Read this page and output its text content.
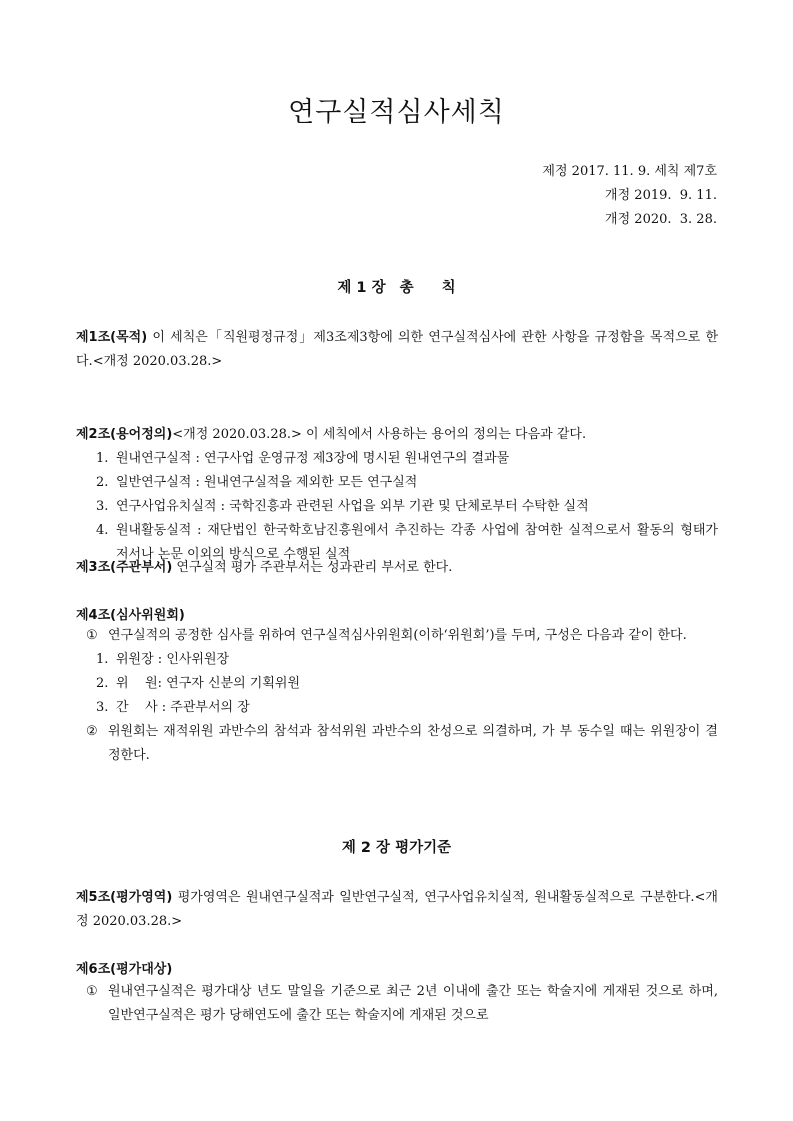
연구실적심사세칙
제정 2017. 11. 9. 세칙 제7호
개정 2019.  9. 11.
개정 2020.  3. 28.
제 1 장 총 칙
제1조(목적) 이 세칙은「직원평정규정」제3조제3항에 의한 연구실적심사에 관한 사항을 규정함을 목적으로 한다.<개정 2020.03.28.>
제2조(용어정의)<개정 2020.03.28.> 이 세칙에서 사용하는 용어의 정의는 다음과 같다.
1. 원내연구실적 : 연구사업 운영규정 제3장에 명시된 원내연구의 결과물
2. 일반연구실적 : 원내연구실적을 제외한 모든 연구실적
3. 연구사업유치실적 : 국학진흥과 관련된 사업을 외부 기관 및 단체로부터 수탁한 실적
4. 원내활동실적 : 재단법인 한국학호남진흥원에서 추진하는 각종 사업에 참여한 실적으로서 활동의 형태가 저서나 논문 이외의 방식으로 수행된 실적
제3조(주관부서) 연구실적 평가 주관부서는 성과관리 부서로 한다.
제4조(심사위원회)
① 연구실적의 공정한 심사를 위하여 연구실적심사위원회(이하‘위원회’)를 두며, 구성은 다음과 같이 한다.
1. 위원장 : 인사위원장
2. 위    원: 연구자 신분의 기획위원
3. 간    사 : 주관부서의 장
② 위원회는 재적위원 과반수의 참석과 참석위원 과반수의 찬성으로 의결하며, 가 부 동수일 때는 위원장이 결정한다.
제 2 장 평가기준
제5조(평가영역) 평가영역은 원내연구실적과 일반연구실적, 연구사업유치실적, 원내활동실적으로 구분한다.<개정 2020.03.28.>
제6조(평가대상)
① 원내연구실적은 평가대상 년도 말일을 기준으로 최근 2년 이내에 출간 또는 학술지에 게재된 것으로 하며, 일반연구실적은 평가 당해연도에 출간 또는 학술지에 게재된 것으로
